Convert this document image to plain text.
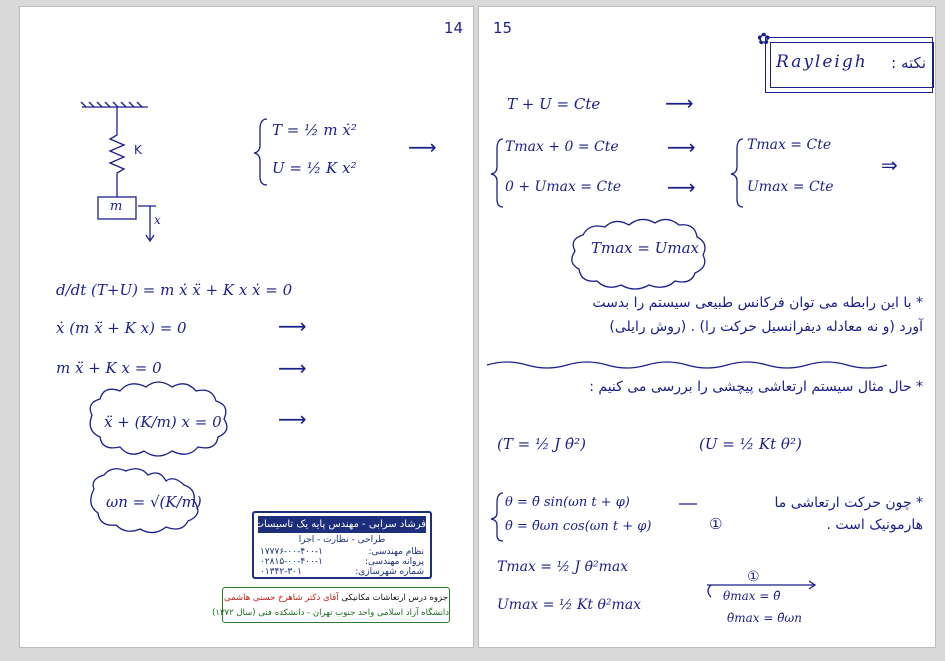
14
K
m
x
T = ½ m ẋ²
U = ½ K x²
⟶
d/dt (T+U) = m ẋ ẍ + K x ẋ = 0
ẋ (m ẍ + K x) = 0	⟶
m ẍ + K x = 0	⟶
ẍ + (K/m) x = 0	⟶
ωn = √(K/m)
فرشاد سرابی - مهندس پایه یک تاسیسات مکانیکی
طراحی - نظارت - اجرا
نظام مهندسی:
۱۷۷۷۶-۰۰-۴۰۰-۱
پروانه مهندسی:
۰۲۸۱۵-۰۰-۴۰۰-۱
شماره شهرسازی:
۰۱۳۴۲-۳۰۱
جزوه درس ارتعاشات مکانیکی آقای دکتر شاهرخ حسنی هاشمی
دانشگاه آزاد اسلامی واحد جنوب تهران - دانشکده فنی (سال ۱۳۷۲)
15
Rayleigh نکته :
✿
T + U = Cte	⟶
Tmax + 0 = Cte ⟶
0 + Umax = Cte ⟶
Tmax = Cte
Umax = Cte
⇒
Tmax = Umax
* با این رابطه می توان فرکانس طبیعی سیستم را بدست
آورد (و نه معادله دیفرانسیل حرکت را) . (روش رایلی)
* حال مثال سیستم ارتعاشی پیچشی را بررسی می کنیم :
(T = ½ J θ̇²)	(U = ½ Kt θ²)
θ = θ̄ sin(ωn t + φ)
θ̇ = θ̄ωn cos(ωn t + φ)
* چون حرکت ارتعاشی ما
هارمونیک است .
①
Tmax = ½ J θ̇²max
Umax = ½ Kt θ²max
①
θmax = θ̄
θ̇max = θ̄ωn
